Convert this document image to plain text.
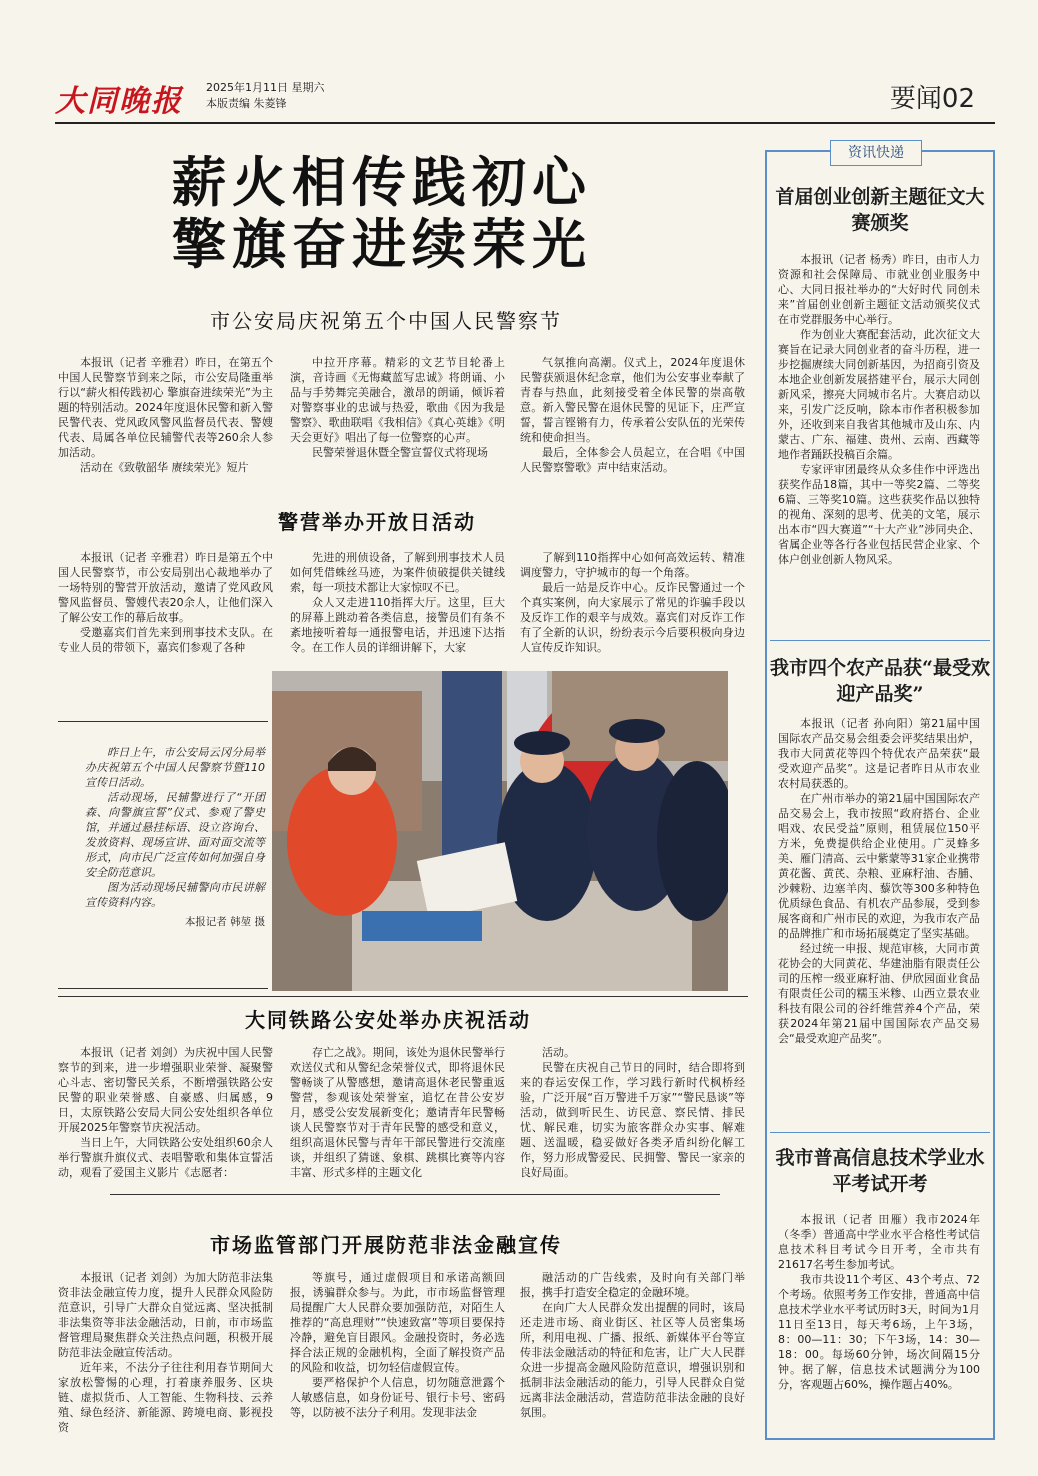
大同晚报 2025年1月11日 星期六
本版责编 朱菱锋	要闻02
薪火相传践初心
擎旗奋进续荣光
市公安局庆祝第五个中国人民警察节

本报讯（记者 辛雅君）昨日，在第五个中国人民警察节到来之际，市公安局隆重举行以“薪火相传践初心 擎旗奋进续荣光”为主题的特别活动。2024年度退休民警和新入警民警代表、党风政风警风监督员代表、警嫂代表、局属各单位民辅警代表等260余人参加活动。

活动在《致敬韶华 赓续荣光》短片

中拉开序幕。精彩的文艺节目轮番上演，音诗画《无悔藏蓝写忠诚》将朗诵、小品与手势舞完美融合，激昂的朗诵，倾诉着对警察事业的忠诚与热爱，歌曲《因为我是警察》、歌曲联唱《我相信》《真心英雄》《明天会更好》唱出了每一位警察的心声。

民警荣誉退休暨全警宣誓仪式将现场

气氛推向高潮。仪式上，2024年度退休民警获颁退休纪念章，他们为公安事业奉献了青春与热血，此刻接受着全体民警的崇高敬意。新入警民警在退休民警的见证下，庄严宣誓，誓言铿锵有力，传承着公安队伍的光荣传统和使命担当。

最后，全体参会人员起立，在合唱《中国人民警察警歌》声中结束活动。

警营举办开放日活动

本报讯（记者 辛雅君）昨日是第五个中国人民警察节，市公安局别出心裁地举办了一场特别的警营开放活动，邀请了党风政风警风监督员、警嫂代表20余人，让他们深入了解公安工作的幕后故事。

受邀嘉宾们首先来到刑事技术支队。在专业人员的带领下，嘉宾们参观了各种

先进的刑侦设备，了解到刑事技术人员如何凭借蛛丝马迹，为案件侦破提供关键线索，每一项技术都让大家惊叹不已。

众人又走进110指挥大厅。这里，巨大的屏幕上跳动着各类信息，接警员们有条不紊地接听着每一通报警电话，并迅速下达指令。在工作人员的详细讲解下，大家

了解到110指挥中心如何高效运转、精准调度警力，守护城市的每一个角落。

最后一站是反诈中心。反诈民警通过一个个真实案例，向大家展示了常见的诈骗手段以及反诈工作的艰辛与成效。嘉宾们对反诈工作有了全新的认识，纷纷表示今后要积极向身边人宣传反诈知识。

昨日上午，市公安局云冈分局举办庆祝第五个中国人民警察节暨110宣传日活动。

活动现场，民辅警进行了“开团森、向警旗宣誓”仪式、参观了警史馆，并通过悬挂标语、设立咨询台、发放资料、现场宣讲、面对面交流等形式，向市民广泛宣传如何加强自身安全防范意识。

图为活动现场民辅警向市民讲解宣传资料内容。

本报记者 韩堃 摄
大同铁路公安处举办庆祝活动

本报讯（记者 刘剑）为庆祝中国人民警察节的到来，进一步增强职业荣誉、凝聚警心斗志、密切警民关系，不断增强铁路公安民警的职业荣誉感、自豪感、归属感，9日，太原铁路公安局大同公安处组织各单位开展2025年警察节庆祝活动。

当日上午，大同铁路公安处组织60余人举行警旗升旗仪式、表唱警歌和集体宣誓活动，观看了爱国主义影片《志愿者：

存亡之战》。期间，该处为退休民警举行欢送仪式和从警纪念荣誉仪式，即将退休民警畅谈了从警感想，邀请高退休老民警重返警营，参观该处荣誉室，追忆在昔公安岁月，感受公安发展新变化；邀请青年民警畅谈人民警察节对于青年民警的感受和意义，组织高退休民警与青年干部民警进行交流座谈，并组织了猜谜、象棋、跳棋比赛等内容丰富、形式多样的主题文化

活动。

民警在庆祝自己节日的同时，结合即将到来的春运安保工作，学习践行新时代枫桥经验，广泛开展“百万警进千万家”“警民恳谈”等活动，做到听民生、访民意、察民情、排民忧、解民难，切实为旅客群众办实事、解难题、送温暖，稳妥做好各类矛盾纠纷化解工作，努力形成警爱民、民拥警、警民一家亲的良好局面。

市场监管部门开展防范非法金融宣传

本报讯（记者 刘剑）为加大防范非法集资非法金融宣传力度，提升人民群众风险防范意识，引导广大群众自觉远离、坚决抵制非法集资等非法金融活动，日前，市市场监督管理局聚焦群众关注热点问题，积极开展防范非法金融宣传活动。

近年来，不法分子往往利用春节期间大家放松警惕的心理，打着康养服务、区块链、虚拟货币、人工智能、生物科技、云养殖、绿色经济、新能源、跨境电商、影视投资

等旗号，通过虚假项目和承诺高额回报，诱骗群众参与。为此，市市场监督管理局提醒广大人民群众要加强防范，对陌生人推荐的“高息理财”“快速致富”等项目要保持冷静，避免盲目跟风。金融投资时，务必选择合法正规的金融机构，全面了解投资产品的风险和收益，切勿轻信虚假宣传。

要严格保护个人信息，切勿随意泄露个人敏感信息，如身份证号、银行卡号、密码等，以防被不法分子利用。发现非法金

融活动的广告线索，及时向有关部门举报，携手打造安全稳定的金融环境。

在向广大人民群众发出提醒的同时，该局还走进市场、商业街区、社区等人员密集场所，利用电视、广播、报纸、新媒体平台等宣传非法金融活动的特征和危害，让广大人民群众进一步提高金融风险防范意识，增强识别和抵制非法金融活动的能力，引导人民群众自觉远离非法金融活动，营造防范非法金融的良好氛围。

资讯快递
首届创业创新主题征文大赛颁奖

本报讯（记者 杨秀）昨日，由市人力资源和社会保障局、市就业创业服务中心、大同日报社举办的“大好时代 同创未来”首届创业创新主题征文活动颁奖仪式在市党群服务中心举行。

作为创业大赛配套活动，此次征文大赛旨在记录大同创业者的奋斗历程，进一步挖掘赓续大同创新基因，为招商引资及本地企业创新发展搭建平台，展示大同创新风采，擦亮大同城市名片。大赛启动以来，引发广泛反响，除本市作者积极参加外，还收到来自我省其他城市及山东、内蒙古、广东、福建、贵州、云南、西藏等地作者踊跃投稿百余篇。

专家评审团最终从众多佳作中评选出获奖作品18篇，其中一等奖2篇、二等奖6篇、三等奖10篇。这些获奖作品以独特的视角、深刻的思考、优美的文笔，展示出本市“四大赛道”“十大产业”涉同央企、省属企业等各行各业包括民营企业家、个体户创业创新人物风采。

我市四个农产品获“最受欢迎产品奖”

本报讯（记者 孙向阳）第21届中国国际农产品交易会组委会评奖结果出炉，我市大同黄花等四个特优农产品荣获“最受欢迎产品奖”。这是记者昨日从市农业农村局获悉的。

在广州市举办的第21届中国国际农产品交易会上，我市按照“政府搭台、企业唱戏、农民受益”原则，租赁展位150平方米，免费提供给企业使用。广灵蜂多美、雁门清高、云中紫蒙等31家企业携带黄花酱、黄芪、杂粮、亚麻籽油、杏脯、沙棘粉、边塞羊肉、藜饮等300多种特色优质绿色食品、有机农产品参展，受到参展客商和广州市民的欢迎，为我市农产品的品牌推广和市场拓展奠定了坚实基础。

经过统一申报、规范审核，大同市黄花协会的大同黄花、华建油脂有限责任公司的压榨一级亚麻籽油、伊欣园面业食品有限责任公司的糯玉米糁、山西立景农业科技有限公司的谷纤维营养4个产品，荣获2024年第21届中国国际农产品交易会“最受欢迎产品奖”。

我市普高信息技术学业水平考试开考

本报讯（记者 田雁）我市2024年（冬季）普通高中学业水平合格性考试信息技术科目考试今日开考，全市共有21617名考生参加考试。

我市共设11个考区、43个考点、72个考场。依照考务工作安排，普通高中信息技术学业水平考试历时3天，时间为1月11日至13日，每天考6场，上午3场，8：00—11：30；下午3场，14：30—18：00。每场60分钟，场次间隔15分钟。据了解，信息技术试题满分为100分，客观题占60%，操作题占40%。
